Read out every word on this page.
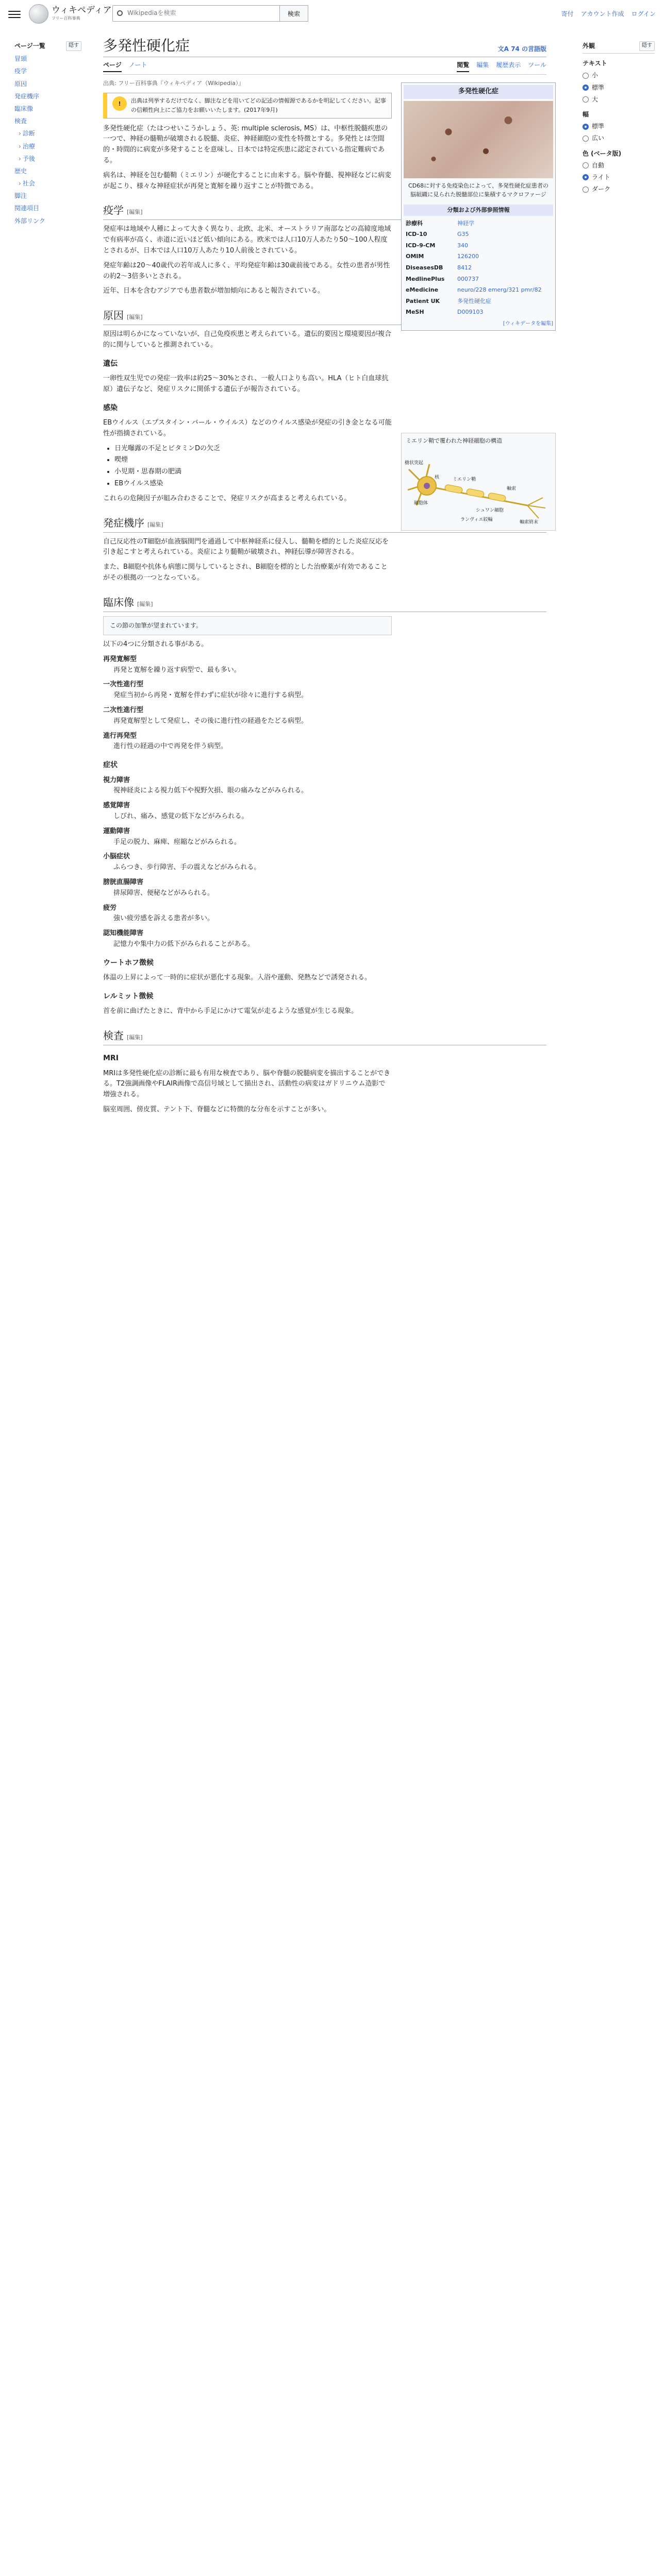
ウィキペディア
フリー百科事典
Wikipediaを検索	検索	寄付 アカウント作成 ログイン
ページ一覧	隠す
冒頭
疫学
原因
発症機序
臨床像
検査
› 診断
› 治療
› 予後
歴史
› 社会
脚注
関連項目
外部リンク
多発性硬化症	文A 74 の言語版
ページ ノート	閲覧 編集 履歴表示 ツール
出典: フリー百科事典『ウィキペディア（Wikipedia）』
!	出典は列挙するだけでなく、脚注などを用いてどの記述の情報源であるかを明記してください。記事の信頼性向上にご協力をお願いいたします。(2017年9月)

多発性硬化症（たはつせいこうかしょう、英: multiple sclerosis, MS）は、中枢性脱髄疾患の一つで、神経の髄鞘が破壊される脱髄、炎症、神経細胞の変性を特徴とする。多発性とは空間的・時間的に病変が多発することを意味し、日本では特定疾患に認定されている指定難病である。

病名は、神経を包む髄鞘（ミエリン）が硬化することに由来する。脳や脊髄、視神経などに病変が起こり、様々な神経症状が再発と寛解を繰り返すことが特徴である。

疫学 [編集]

発症率は地域や人種によって大きく異なり、北欧、北米、オーストラリア南部などの高緯度地域で有病率が高く、赤道に近いほど低い傾向にある。欧米では人口10万人あたり50〜100人程度とされるが、日本では人口10万人あたり10人前後とされている。

発症年齢は20〜40歳代の若年成人に多く、平均発症年齢は30歳前後である。女性の患者が男性の約2〜3倍多いとされる。

近年、日本を含むアジアでも患者数が増加傾向にあると報告されている。

原因 [編集]

原因は明らかになっていないが、自己免疫疾患と考えられている。遺伝的要因と環境要因が複合的に関与していると推測されている。

遺伝

一卵性双生児での発症一致率は約25〜30%とされ、一般人口よりも高い。HLA（ヒト白血球抗原）遺伝子など、発症リスクに関係する遺伝子が報告されている。

感染

EBウイルス（エプスタイン・バール・ウイルス）などのウイルス感染が発症の引き金となる可能性が指摘されている。

• 日光曝露の不足とビタミンDの欠乏
• 喫煙
• 小児期・思春期の肥満
• EBウイルス感染

これらの危険因子が組み合わさることで、発症リスクが高まると考えられている。

発症機序 [編集]

自己反応性のT細胞が血液脳関門を通過して中枢神経系に侵入し、髄鞘を標的とした炎症反応を引き起こすと考えられている。炎症により髄鞘が破壊され、神経伝導が障害される。

また、B細胞や抗体も病態に関与しているとされ、B細胞を標的とした治療薬が有効であることがその根拠の一つとなっている。

臨床像 [編集]
この節の加筆が望まれています。

以下の4つに分類される事がある。

再発寛解型
再発と寛解を繰り返す病型で、最も多い。
一次性進行型
発症当初から再発・寛解を伴わずに症状が徐々に進行する病型。
二次性進行型
再発寛解型として発症し、その後に進行性の経過をたどる病型。
進行再発型
進行性の経過の中で再発を伴う病型。
症状
視力障害
視神経炎による視力低下や視野欠損、眼の痛みなどがみられる。
感覚障害
しびれ、痛み、感覚の低下などがみられる。
運動障害
手足の脱力、麻痺、痙縮などがみられる。
小脳症状
ふらつき、歩行障害、手の震えなどがみられる。
膀胱直腸障害
排尿障害、便秘などがみられる。
疲労
強い疲労感を訴える患者が多い。
認知機能障害
記憶力や集中力の低下がみられることがある。
ウートホフ徴候

体温の上昇によって一時的に症状が悪化する現象。入浴や運動、発熱などで誘発される。

レルミット徴候

首を前に曲げたときに、背中から手足にかけて電気が走るような感覚が生じる現象。

検査 [編集]
MRI

MRIは多発性硬化症の診断に最も有用な検査であり、脳や脊髄の脱髄病変を描出することができる。T2強調画像やFLAIR画像で高信号域として描出され、活動性の病変はガドリニウム造影で増強される。

脳室周囲、傍皮質、テント下、脊髄などに特徴的な分布を示すことが多い。

多発性硬化症
CD68に対する免疫染色によって、多発性硬化症患者の脳組織に見られた脱髄部位に集積するマクロファージ
分類および外部参照情報
診療科	神経学
ICD-10	G35
ICD-9-CM	340
OMIM	126200
DiseasesDB	8412
MedlinePlus	000737
eMedicine	neuro/228 emerg/321 pmr/82
Patient UK	多発性硬化症
MeSH	D009103
[ウィキデータを編集]
ミエリン鞘で覆われた神経細胞の構造
樹状突起
細胞体
核
軸索
ミエリン鞘
シュワン細胞
ランヴィエ絞輪	軸索終末
外観	隠す
テキスト
小
標準
大
幅
標準
広い
色 (ベータ版)
自動
ライト
ダーク
